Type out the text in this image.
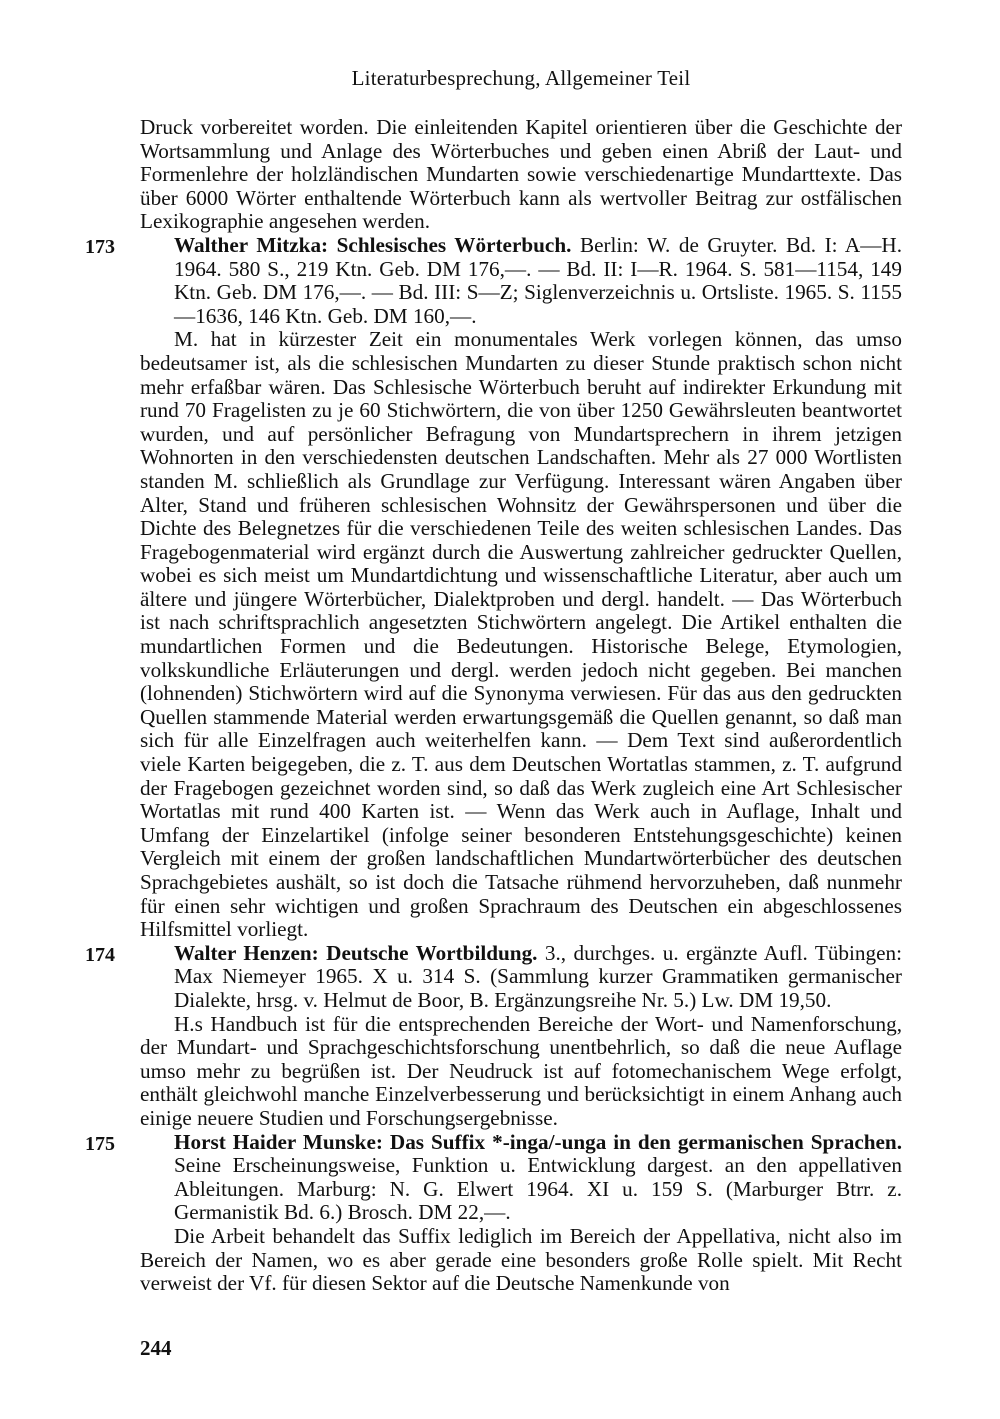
Literaturbesprechung, Allgemeiner Teil
Druck vorbereitet worden. Die einleitenden Kapitel orientieren über die Geschichte der Wortsammlung und Anlage des Wörterbuches und geben einen Abriß der Laut- und Formenlehre der holzländischen Mundarten sowie verschiedenartige Mundarttexte. Das über 6000 Wörter enthaltende Wörterbuch kann als wertvoller Beitrag zur ostfälischen Lexikographie angesehen werden.
173	Walther Mitzka: Schlesisches Wörterbuch. Berlin: W. de Gruyter. Bd. I: A—H. 1964. 580 S., 219 Ktn. Geb. DM 176,—. — Bd. II: I—R. 1964. S. 581—1154, 149 Ktn. Geb. DM 176,—. — Bd. III: S—Z; Siglenverzeichnis u. Ortsliste. 1965. S. 1155—1636, 146 Ktn. Geb. DM 160,—.
M. hat in kürzester Zeit ein monumentales Werk vorlegen können, das umso bedeutsamer ist, als die schlesischen Mundarten zu dieser Stunde praktisch schon nicht mehr erfaßbar wären. Das Schlesische Wörterbuch beruht auf indirekter Erkundung mit rund 70 Fragelisten zu je 60 Stichwörtern, die von über 1250 Gewährsleuten beantwortet wurden, und auf persönlicher Befragung von Mundartsprechern in ihrem jetzigen Wohnorten in den verschiedensten deutschen Landschaften. Mehr als 27 000 Wortlisten standen M. schließlich als Grundlage zur Verfügung. Interessant wären Angaben über Alter, Stand und früheren schlesischen Wohnsitz der Gewährspersonen und über die Dichte des Belegnetzes für die verschiedenen Teile des weiten schlesischen Landes. Das Fragebogenmaterial wird ergänzt durch die Auswertung zahlreicher gedruckter Quellen, wobei es sich meist um Mundartdichtung und wissenschaftliche Literatur, aber auch um ältere und jüngere Wörterbücher, Dialektproben und dergl. handelt. — Das Wörterbuch ist nach schriftsprachlich angesetzten Stichwörtern angelegt. Die Artikel enthalten die mundartlichen Formen und die Bedeutungen. Historische Belege, Etymologien, volkskundliche Erläuterungen und dergl. werden jedoch nicht gegeben. Bei manchen (lohnenden) Stichwörtern wird auf die Synonyma verwiesen. Für das aus den gedruckten Quellen stammende Material werden erwartungsgemäß die Quellen genannt, so daß man sich für alle Einzelfragen auch weiterhelfen kann. — Dem Text sind außerordentlich viele Karten beigegeben, die z. T. aus dem Deutschen Wortatlas stammen, z. T. aufgrund der Fragebogen gezeichnet worden sind, so daß das Werk zugleich eine Art Schlesischer Wortatlas mit rund 400 Karten ist. — Wenn das Werk auch in Auflage, Inhalt und Umfang der Einzelartikel (infolge seiner besonderen Entstehungsgeschichte) keinen Vergleich mit einem der großen landschaftlichen Mundartwörterbücher des deutschen Sprachgebietes aushält, so ist doch die Tatsache rühmend hervorzuheben, daß nunmehr für einen sehr wichtigen und großen Sprachraum des Deutschen ein abgeschlossenes Hilfsmittel vorliegt.
174	Walter Henzen: Deutsche Wortbildung. 3., durchges. u. ergänzte Aufl. Tübingen: Max Niemeyer 1965. X u. 314 S. (Sammlung kurzer Grammatiken germanischer Dialekte, hrsg. v. Helmut de Boor, B. Ergänzungsreihe Nr. 5.) Lw. DM 19,50.
H.s Handbuch ist für die entsprechenden Bereiche der Wort- und Namenforschung, der Mundart- und Sprachgeschichtsforschung unentbehrlich, so daß die neue Auflage umso mehr zu begrüßen ist. Der Neudruck ist auf fotomechanischem Wege erfolgt, enthält gleichwohl manche Einzelverbesserung und berücksichtigt in einem Anhang auch einige neuere Studien und Forschungsergebnisse.
175	Horst Haider Munske: Das Suffix *-inga/-unga in den germanischen Sprachen. Seine Erscheinungsweise, Funktion u. Entwicklung dargest. an den appellativen Ableitungen. Marburg: N. G. Elwert 1964. XI u. 159 S. (Marburger Btrr. z. Germanistik Bd. 6.) Brosch. DM 22,—.
Die Arbeit behandelt das Suffix lediglich im Bereich der Appellativa, nicht also im Bereich der Namen, wo es aber gerade eine besonders große Rolle spielt. Mit Recht verweist der Vf. für diesen Sektor auf die Deutsche Namenkunde von
244
